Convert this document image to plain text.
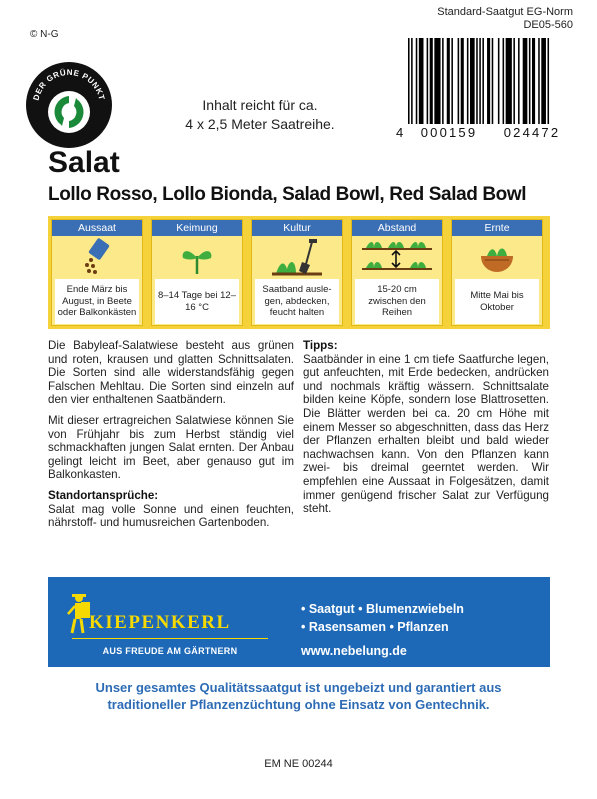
Standard-Saatgut EG-Norm
DE05-560
© N-G
DER GRÜNE PUNKT	Inhalt reicht für ca.
4 x 2,5 Meter Saatreihe.
4	000159	024472
Salat
Lollo Rosso, Lollo Bionda, Salad Bowl, Red Salad Bowl
Aussaat
Ende März bis August, in Beete oder Balkonkästen
Keimung
8–14 Tage bei 12–16 °C
Kultur
Saatband auslegen, abdecken, feucht halten
Abstand
15-20 cm zwischen den Reihen
Ernte
Mitte Mai bis Oktober

Die Babyleaf-Salatwiese besteht aus grünen und roten, krausen und glatten Schnittsalaten. Die Sorten sind alle widerstandsfähig gegen Falschen Mehltau. Die Sorten sind einzeln auf den vier enthaltenen Saatbändern.

Mit dieser ertragreichen Salatwiese können Sie von Frühjahr bis zum Herbst ständig viel schmackhaften jungen Salat ernten. Der Anbau gelingt leicht im Beet, aber genauso gut im Balkonkasten.

Standortansprüche:

Salat mag volle Sonne und einen feuchten, nährstoff- und humusreichen Gartenboden.

Tipps:

Saatbänder in eine 1 cm tiefe Saatfurche legen, gut anfeuchten, mit Erde bedecken, andrücken und nochmals kräftig wässern. Schnittsalate bilden keine Köpfe, sondern lose Blattrosetten. Die Blätter werden bei ca. 20 cm Höhe mit einem Messer so abgeschnitten, dass das Herz der Pflanzen erhalten bleibt und bald wieder nachwachsen kann. Von den Pflanzen kann zwei- bis dreimal geerntet werden. Wir empfehlen eine Aussaat in Folgesätzen, damit immer genügend frischer Salat zur Verfügung steht.

KIEPENKERL
AUS FREUDE AM GÄRTNERN
• Saatgut • Blumenzwiebeln
• Rasensamen • Pflanzen
www.nebelung.de
Unser gesamtes Qualitätssaatgut ist ungebeizt und garantiert aus
traditioneller Pflanzenzüchtung ohne Einsatz von Gentechnik.
EM NE 00244
